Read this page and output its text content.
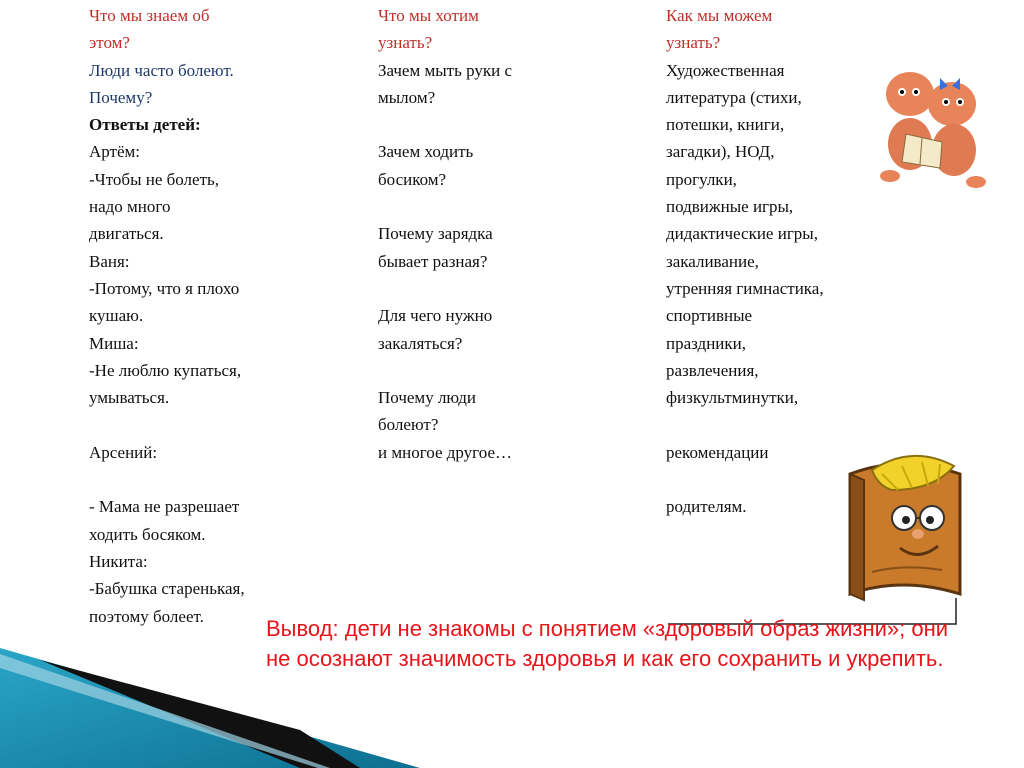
Что мы знаем об
этом?
Люди часто болеют.
Почему?
Ответы детей:
Артём:
-Чтобы не болеть,
надо много
двигаться.
Ваня:
-Потому, что я плохо
кушаю.
Миша:
-Не люблю купаться,
умываться.
Арсений:
- Мама не разрешает
ходить босяком.
Никита:
-Бабушка старенькая,
поэтому болеет.
Что мы хотим
узнать?
Зачем мыть руки с
мылом?
Зачем ходить
босиком?
Почему зарядка
бывает разная?
Для чего нужно
закаляться?
Почему люди
болеют?
и многое другое…
Как мы можем
узнать?
Художественная
литература (стихи,
потешки, книги,
загадки), НОД,
прогулки,
подвижные игры,
дидактические игры,
закаливание,
утренняя гимнастика,
спортивные
праздники,
развлечения,
физкультминутки,
рекомендации
родителям.
Вывод: дети не знакомы с понятием «здоровый образ жизни»; они не осознают значимость здоровья и как его сохранить и укрепить.
